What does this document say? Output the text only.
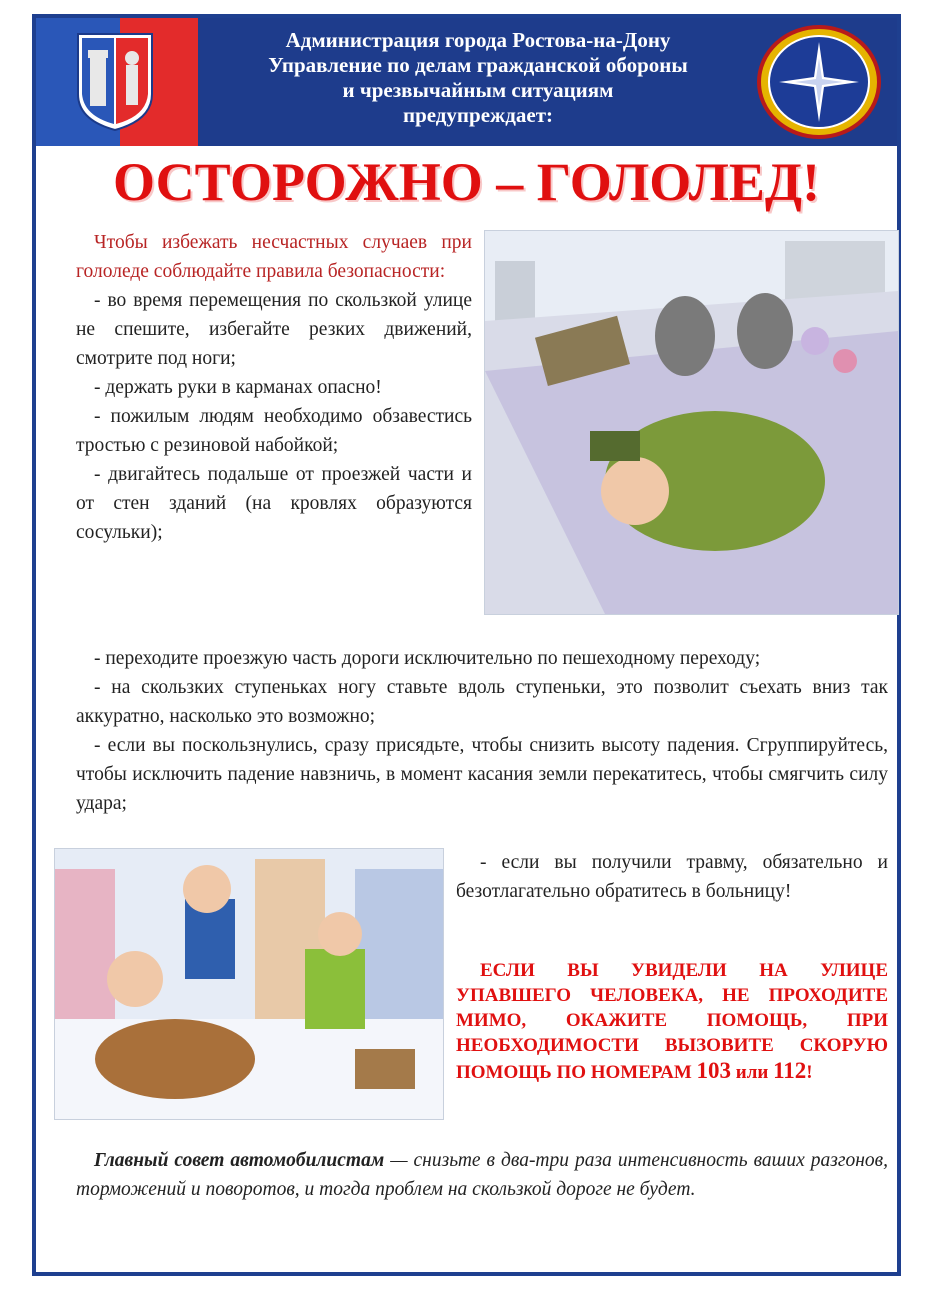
Администрация города Ростова-на-Дону
Управление по делам гражданской обороны
и чрезвычайным ситуациям
предупреждает:
ОСТОРОЖНО – ГОЛОЛЕД!

Чтобы избежать несчастных случаев при гололеде соблюдайте правила безопасности:

- во время перемещения по скользкой улице не спешите, избегайте резких движений, смотрите под ноги;

- держать руки в карманах опасно!

- пожилым людям необходимо обзавестись тростью с резиновой набойкой;

- двигайтесь подальше от проезжей части и от стен зданий (на кровлях образуются сосульки);

- переходите проезжую часть дороги исключительно по пешеходному переходу;

- на скользких ступеньках ногу ставьте вдоль ступеньки, это позволит съехать вниз так аккуратно, насколько это возможно;

- если вы поскользнулись, сразу присядьте, чтобы снизить высоту падения. Сгруппируйтесь, чтобы исключить падение навзничь, в момент касания земли перекатитесь, чтобы смягчить силу удара;

- если вы получили травму, обязательно и безотлагательно обратитесь в больницу!

ЕСЛИ ВЫ УВИДЕЛИ НА УЛИЦЕ УПАВШЕГО ЧЕЛОВЕКА, НЕ ПРОХОДИТЕ МИМО, ОКАЖИТЕ ПОМОЩЬ, ПРИ НЕОБХОДИМОСТИ ВЫЗОВИТЕ СКОРУЮ ПОМОЩЬ ПО НОМЕРАМ 103 или 112!
Главный совет автомобилистам — снизьте в два-три раза интенсивность ваших разгонов, торможений и поворотов, и тогда проблем на скользкой дороге не будет.
